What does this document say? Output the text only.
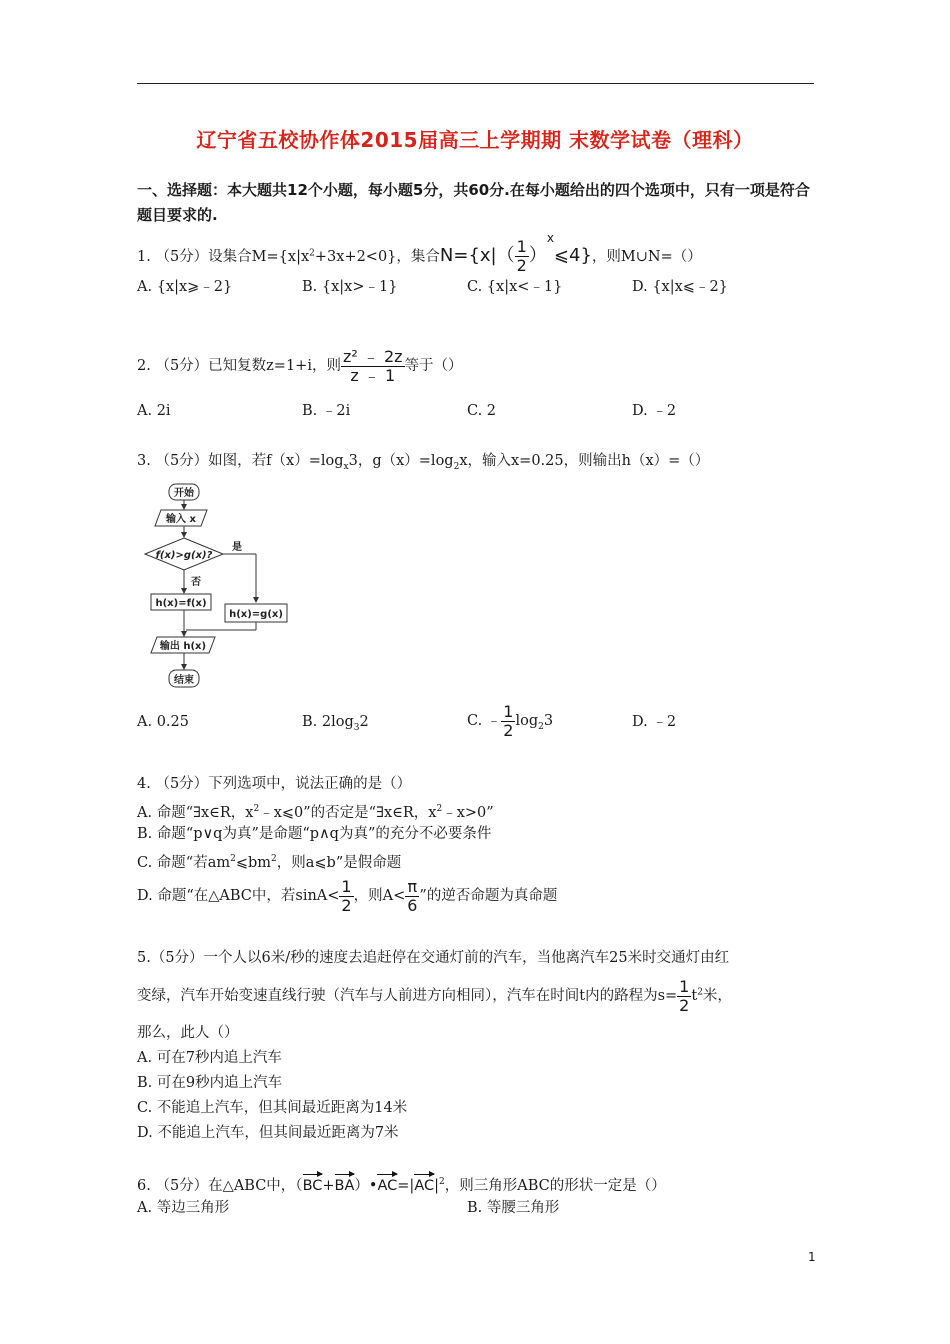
辽宁省五校协作体2015届高三上学期期 末数学试卷（理科）
一、选择题：本大题共12个小题，每小题5分，共60分.在每小题给出的四个选项中，只有一项是符合题目要求的.
1. （5分）设集合$M=\{x|x^2+3x+2<0\}$，集合$N=\{x|( \frac{1}{2}$ ）$^x⩽4$}，则M∪N=（）
A. {x|x⩾﹣2}	B. {x|x>﹣1}	C. {x|x<﹣1}	D. {x|x⩽﹣2}
2. （5分）已知复数z=1+i，则 $\frac{\text{z² ﹣ 2z}}{z ﹣ 1}$ 等于（）
A. 2i	B. ﹣2i	C. 2	D. ﹣2
3. （5分）如图，若$f(x)=\log_x3$，$g(x)=\log_2x$，输入x=0.25，则输出h（x）=（）
开始
输入 x
f(x)>g(x)?
是
否
h(x)=f(x)
h(x)=g(x)
输出 h(x)
结束
A. 0.25	B. $2\log_32$	C. ﹣ $\frac{1}{2} \log_23$	D. ﹣2
4. （5分）下列选项中，说法正确的是（）
A. 命题“∃x∈R，$x^2﹣x⩽0$”的否定是“∃x∈R，$x^2﹣x>0$”
B. 命题“p∨q为真”是命题“p∧q为真”的充分不必要条件
C. 命题“若$am^2⩽bm^2$，则a⩽b”是假命题
D. 命题“在△ABC中，若$\sin A< \frac{1}{2}$ ，则$A< \frac{\pi}{6}$ ”的逆否命题为真命题
5.（5分）一个人以6米/秒的速度去追赶停在交通灯前的汽车，当他离汽车25米时交通灯由红
变绿，汽车开始变速直线行驶（汽车与人前进方向相同），汽车在时间t内的路程为$s= \frac{1}{2} t^2$米，
那么，此人（）
A. 可在7秒内追上汽车
B. 可在9秒内追上汽车
C. 不能追上汽车，但其间最近距离为14米
D. 不能追上汽车，但其间最近距离为7米
6. （5分）在△ABC中，$(BC+BA)•AC=|AC|^2$，则三角形ABC的形状一定是（）
A. 等边三角形	B. 等腰三角形
1
